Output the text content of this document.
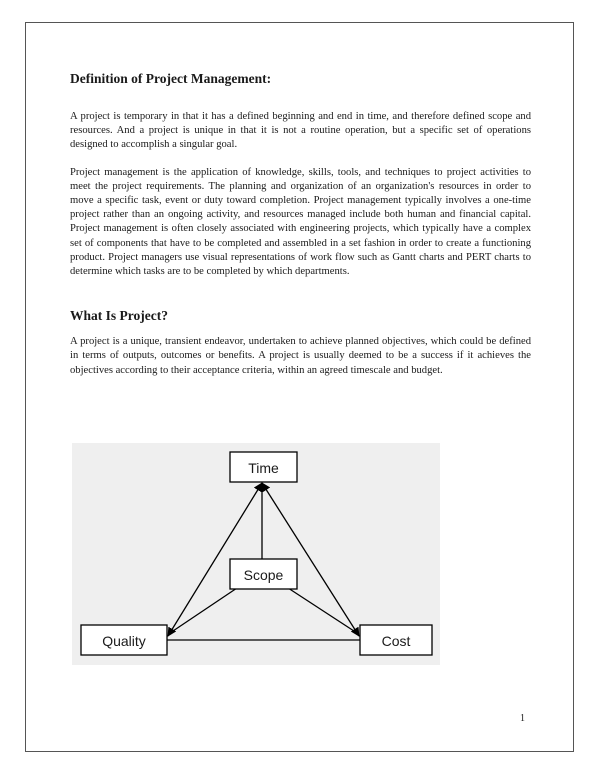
Definition of Project Management:

A project is temporary in that it has a defined beginning and end in time, and therefore defined scope and resources. And a project is unique in that it is not a routine operation, but a specific set of operations designed to accomplish a singular goal.

Project management is the application of knowledge, skills, tools, and techniques to project activities to meet the project requirements. The planning and organization of an organization's resources in order to move a specific task, event or duty toward completion. Project management typically involves a one-time project rather than an ongoing activity, and resources managed include both human and financial capital. Project management is often closely associated with engineering projects, which typically have a complex set of components that have to be completed and assembled in a set fashion in order to create a functioning product. Project managers use visual representations of work flow such as Gantt charts and PERT charts to determine which tasks are to be completed by which departments.

What Is Project?

A project is a unique, transient endeavor, undertaken to achieve planned objectives, which could be defined in terms of outputs, outcomes or benefits. A project is usually deemed to be a success if it achieves the objectives according to their acceptance criteria, within an agreed timescale and budget.

Time
Scope
Quality	Cost
1
